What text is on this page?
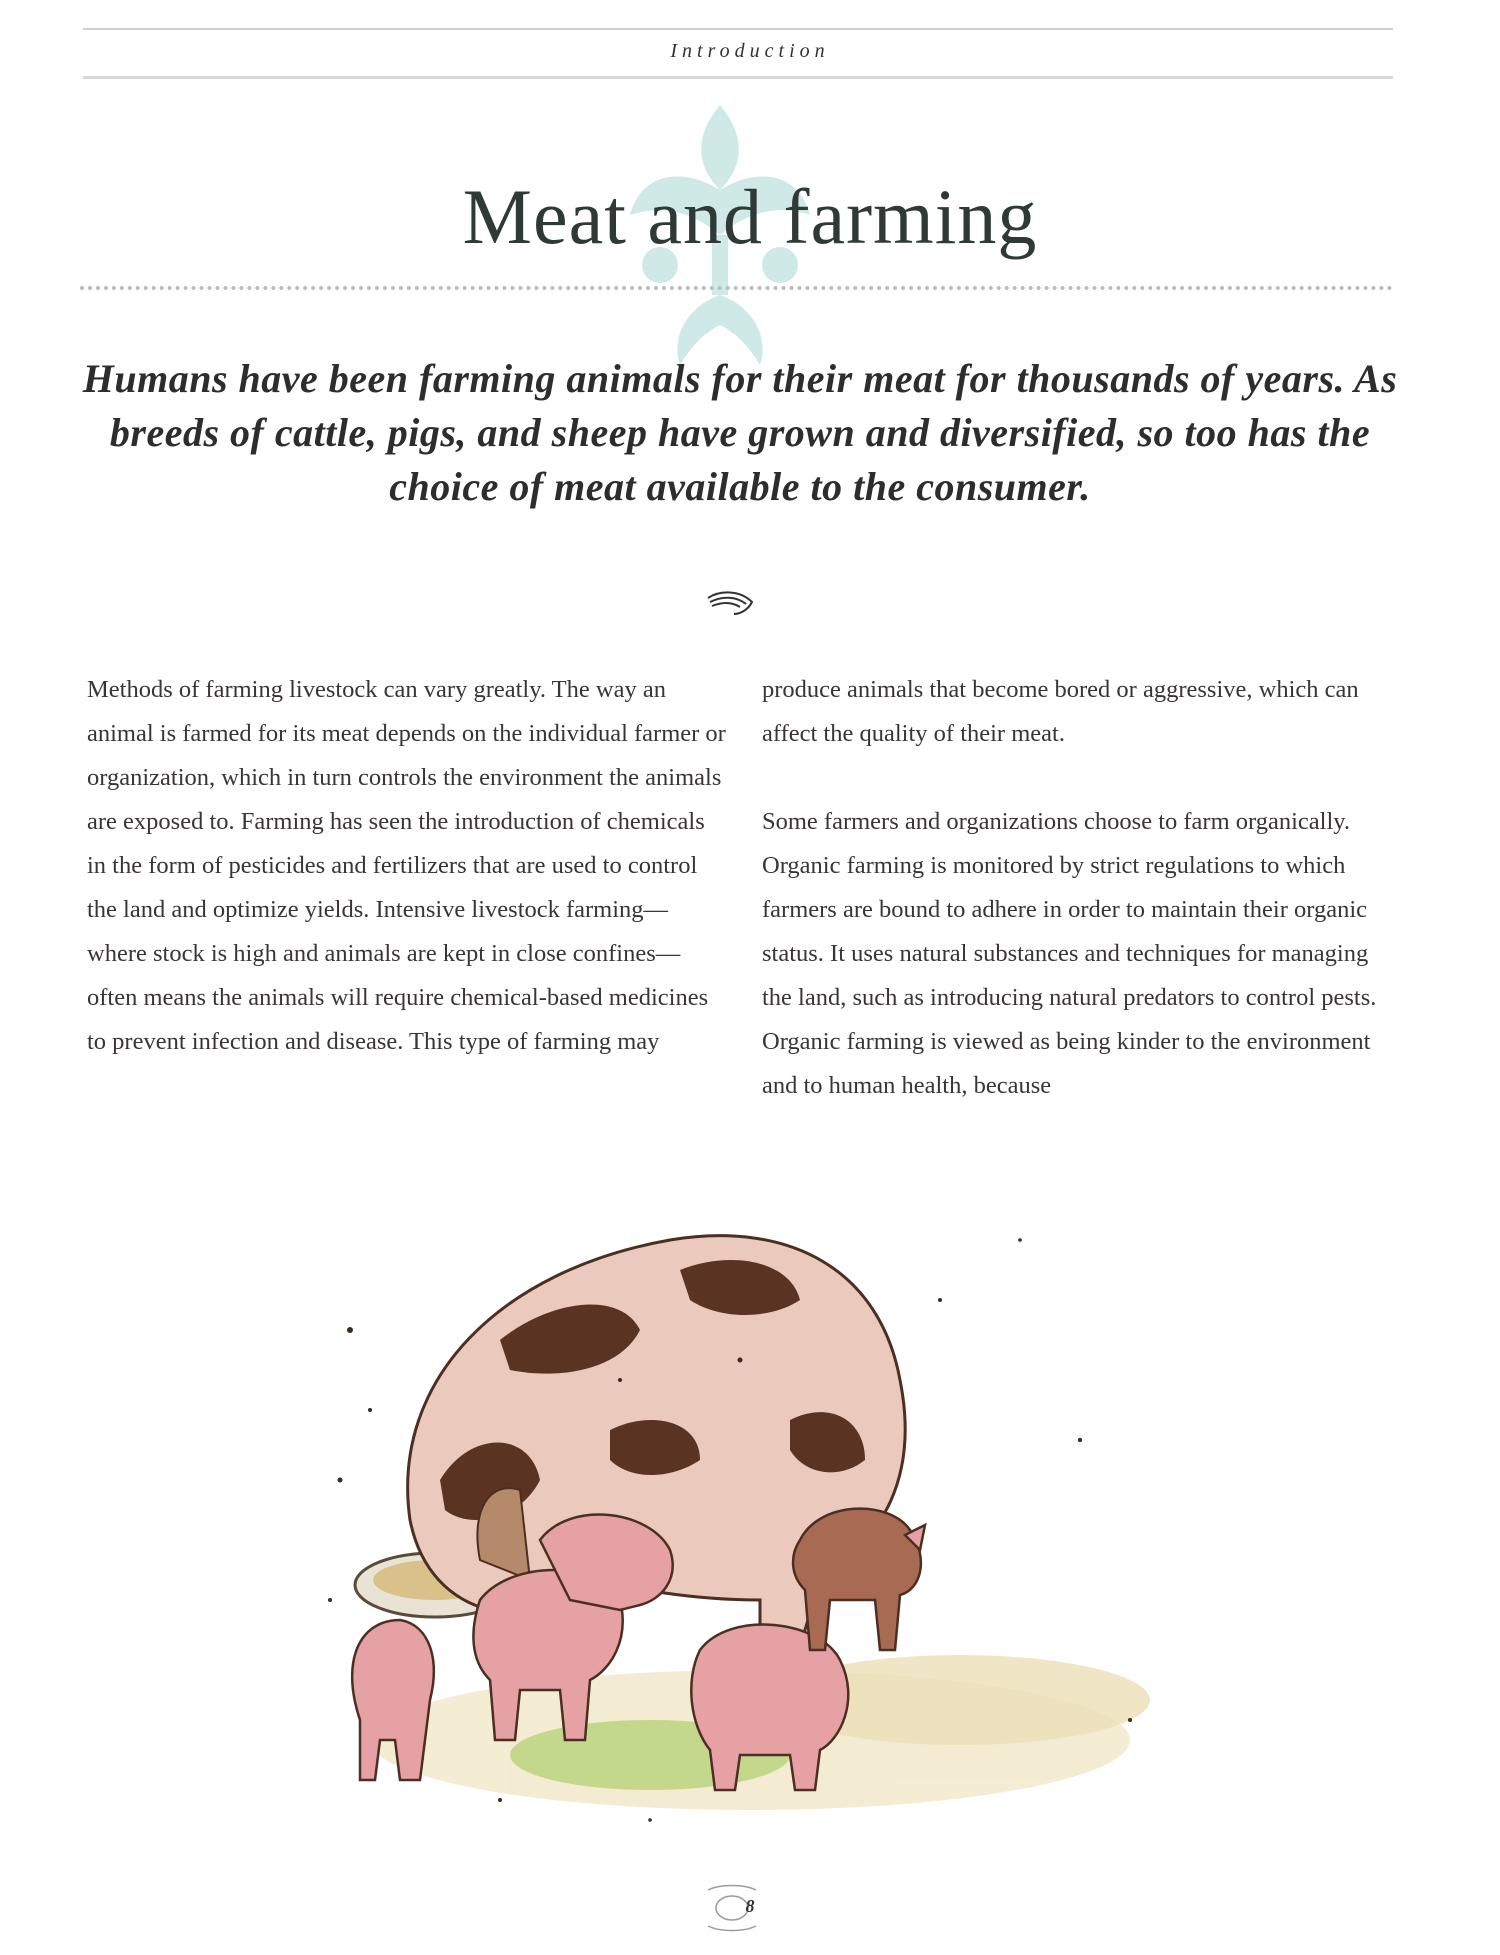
Introduction
Meat and farming
Humans have been farming animals for their meat for thousands of years. As breeds of cattle, pigs, and sheep have grown and diversified, so too has the choice of meat available to the consumer.

Methods of farming livestock can vary greatly. The way an animal is farmed for its meat depends on the individual farmer or organization, which in turn controls the environment the animals are exposed to. Farming has seen the introduction of chemicals in the form of pesticides and fertilizers that are used to control the land and optimize yields. Intensive livestock farming—where stock is high and animals are kept in close confines—often means the animals will require chemical-based medicines to prevent infection and disease. This type of farming may

produce animals that become bored or aggressive, which can affect the quality of their meat.

Some farmers and organizations choose to farm organically. Organic farming is monitored by strict regulations to which farmers are bound to adhere in order to maintain their organic status. It uses natural substances and techniques for managing the land, such as introducing natural predators to control pests. Organic farming is viewed as being kinder to the environment and to human health, because

8
